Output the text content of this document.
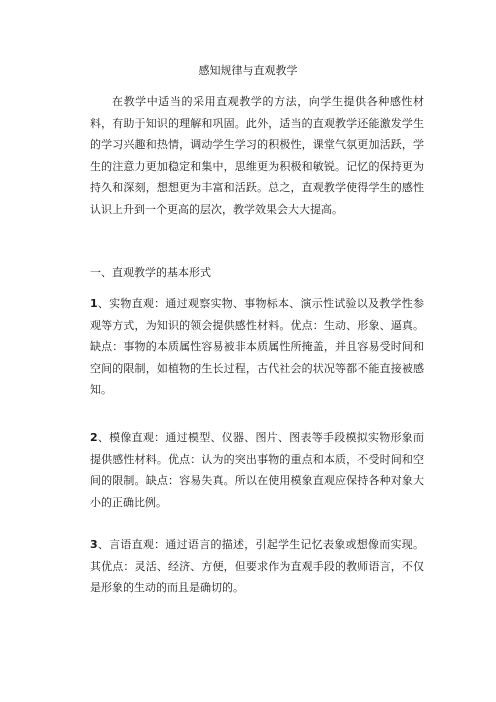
感知规律与直观教学

在教学中适当的采用直观教学的方法，向学生提供各种感性材料，有助于知识的理解和巩固。此外，适当的直观教学还能激发学生的学习兴趣和热情，调动学生学习的积极性，课堂气氛更加活跃，学生的注意力更加稳定和集中，思维更为积极和敏锐。记忆的保持更为持久和深刻，想想更为丰富和活跃。总之，直观教学使得学生的感性认识上升到一个更高的层次，教学效果会大大提高。

一、直观教学的基本形式

1、实物直观：通过观察实物、事物标本、演示性试验以及教学性参观等方式，为知识的领会提供感性材料。优点：生动、形象、逼真。缺点：事物的本质属性容易被非本质属性所掩盖，并且容易受时间和空间的限制，如植物的生长过程，古代社会的状况等都不能直接被感知。

2、模像直观：通过模型、仪器、图片、图表等手段模拟实物形象而提供感性材料。优点：认为的突出事物的重点和本质，不受时间和空间的限制。缺点：容易失真。所以在使用模象直观应保持各种对象大小的正确比例。

3、言语直观：通过语言的描述，引起学生记忆表象或想像而实现。其优点：灵活、经济、方便，但要求作为直观手段的教师语言，不仅是形象的生动的而且是确切的。
